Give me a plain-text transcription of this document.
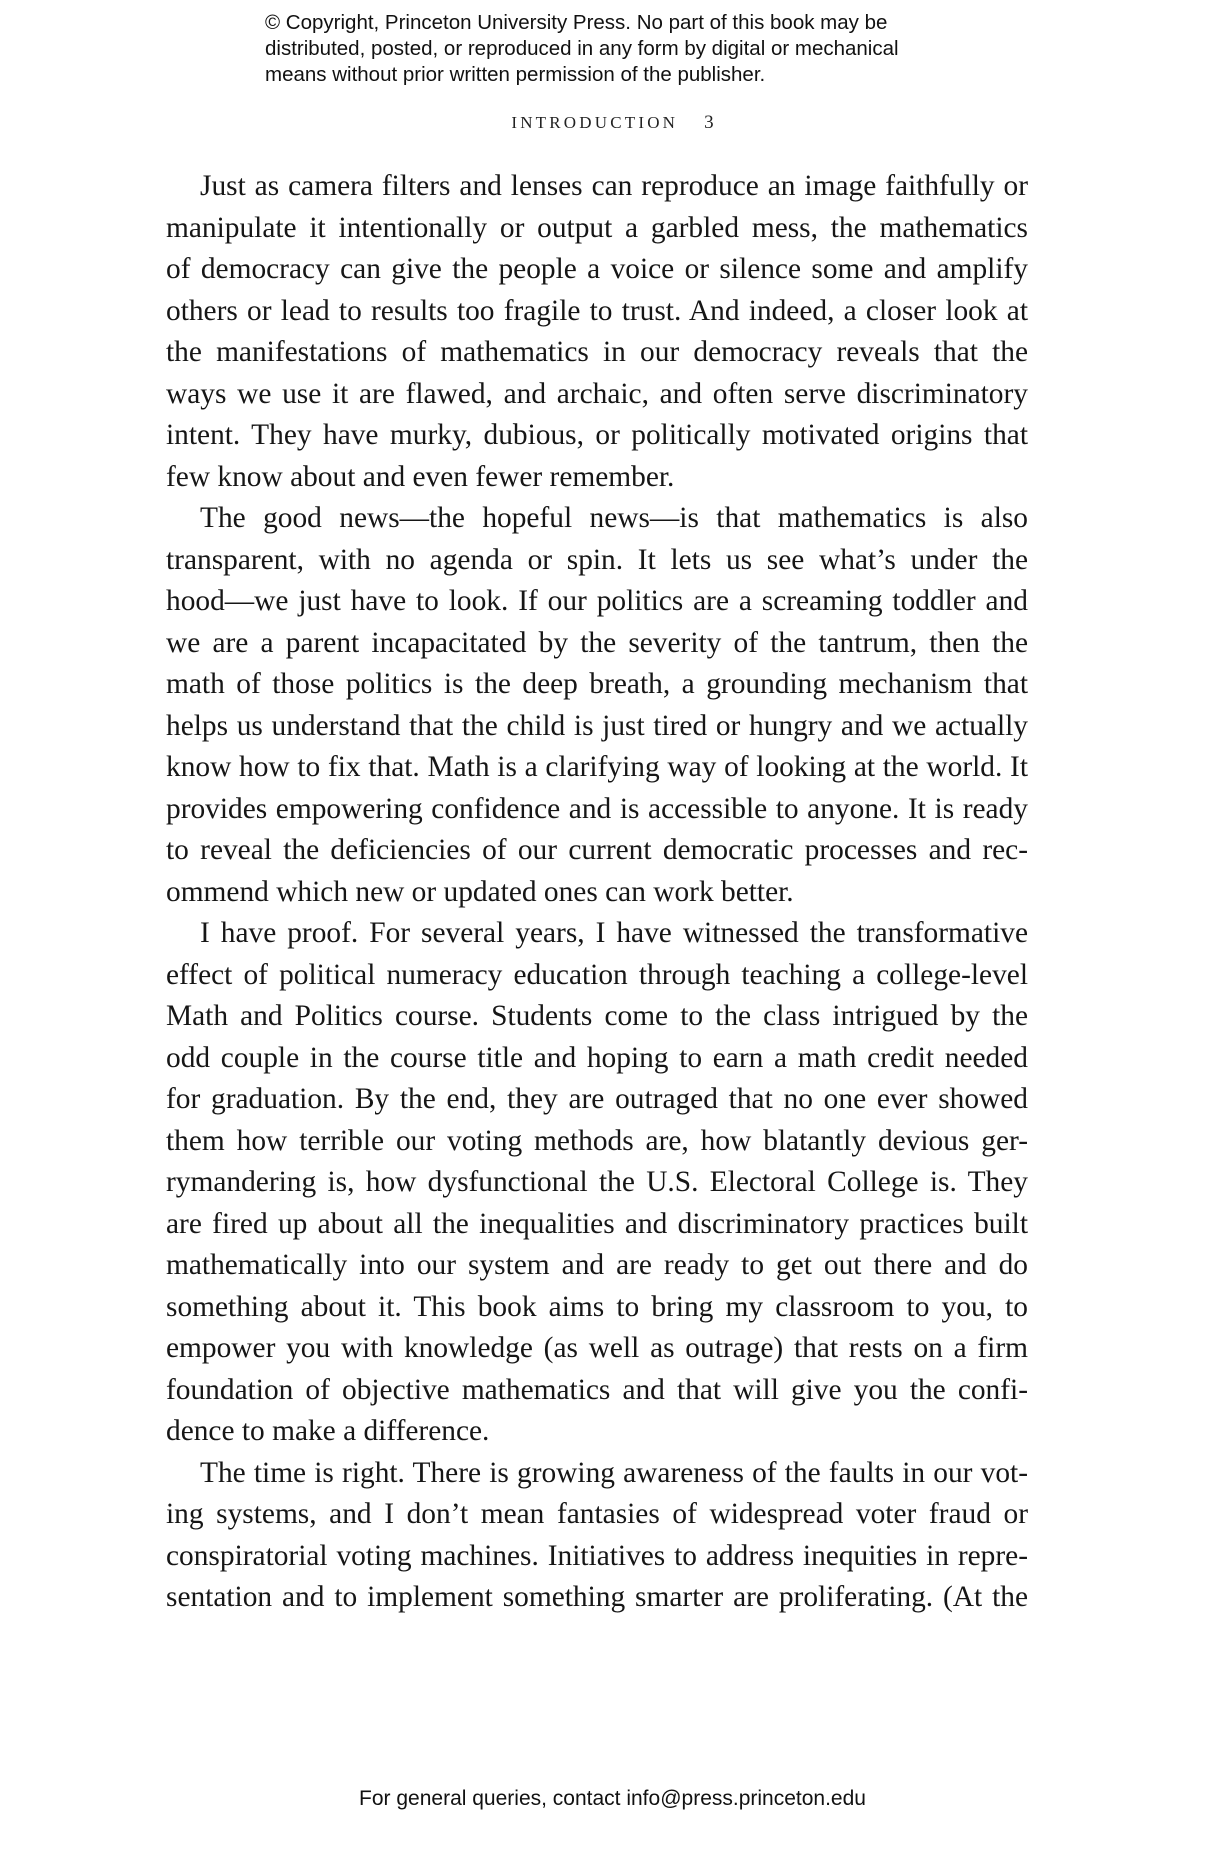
© Copyright, Princeton University Press. No part of this book may be
distributed, posted, or reproduced in any form by digital or mechanical
means without prior written permission of the publisher.
INTRODUCTION 3
Just as camera filters and lenses can reproduce an image faithfully or
manipulate it intentionally or output a garbled mess, the mathematics
of democracy can give the people a voice or silence some and amplify
others or lead to results too fragile to trust. And indeed, a closer look at
the manifestations of mathematics in our democracy reveals that the
ways we use it are flawed, and archaic, and often serve discriminatory
intent. They have murky, dubious, or politically motivated origins that
few know about and even fewer remember.
The good news—the hopeful news—is that mathematics is also
transparent, with no agenda or spin. It lets us see what’s under the
hood—we just have to look. If our politics are a screaming toddler and
we are a parent incapacitated by the severity of the tantrum, then the
math of those politics is the deep breath, a grounding mechanism that
helps us understand that the child is just tired or hungry and we actually
know how to fix that. Math is a clarifying way of looking at the world. It
provides empowering confidence and is accessible to anyone. It is ready
to reveal the deficiencies of our current democratic processes and rec-
ommend which new or updated ones can work better.
I have proof. For several years, I have witnessed the transformative
effect of political numeracy education through teaching a college-level
Math and Politics course. Students come to the class intrigued by the
odd couple in the course title and hoping to earn a math credit needed
for graduation. By the end, they are outraged that no one ever showed
them how terrible our voting methods are, how blatantly devious ger-
rymandering is, how dysfunctional the U.S. Electoral College is. They
are fired up about all the inequalities and discriminatory practices built
mathematically into our system and are ready to get out there and do
something about it. This book aims to bring my classroom to you, to
empower you with knowledge (as well as outrage) that rests on a firm
foundation of objective mathematics and that will give you the confi-
dence to make a difference.
The time is right. There is growing awareness of the faults in our vot-
ing systems, and I don’t mean fantasies of widespread voter fraud or
conspiratorial voting machines. Initiatives to address inequities in repre-
sentation and to implement something smarter are proliferating. (At the
For general queries, contact info@press.princeton.edu
